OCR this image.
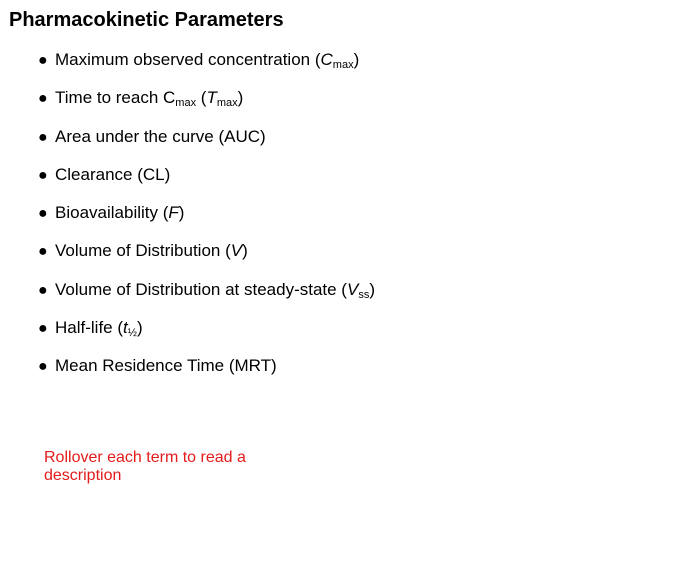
Pharmacokinetic Parameters
● Maximum observed concentration $(C_{max})$
● Time to reach $C_{max}$ $(T_{max})$
● Area under the curve (AUC)
● Clearance (CL)
● Bioavailability (F)
● Volume of Distribution (V)
● Volume of Distribution at steady-state $(V_{ss})$
● Half-life $(t_{\frac{1}{2}})$
● Mean Residence Time (MRT)

Rollover each term to read a description
